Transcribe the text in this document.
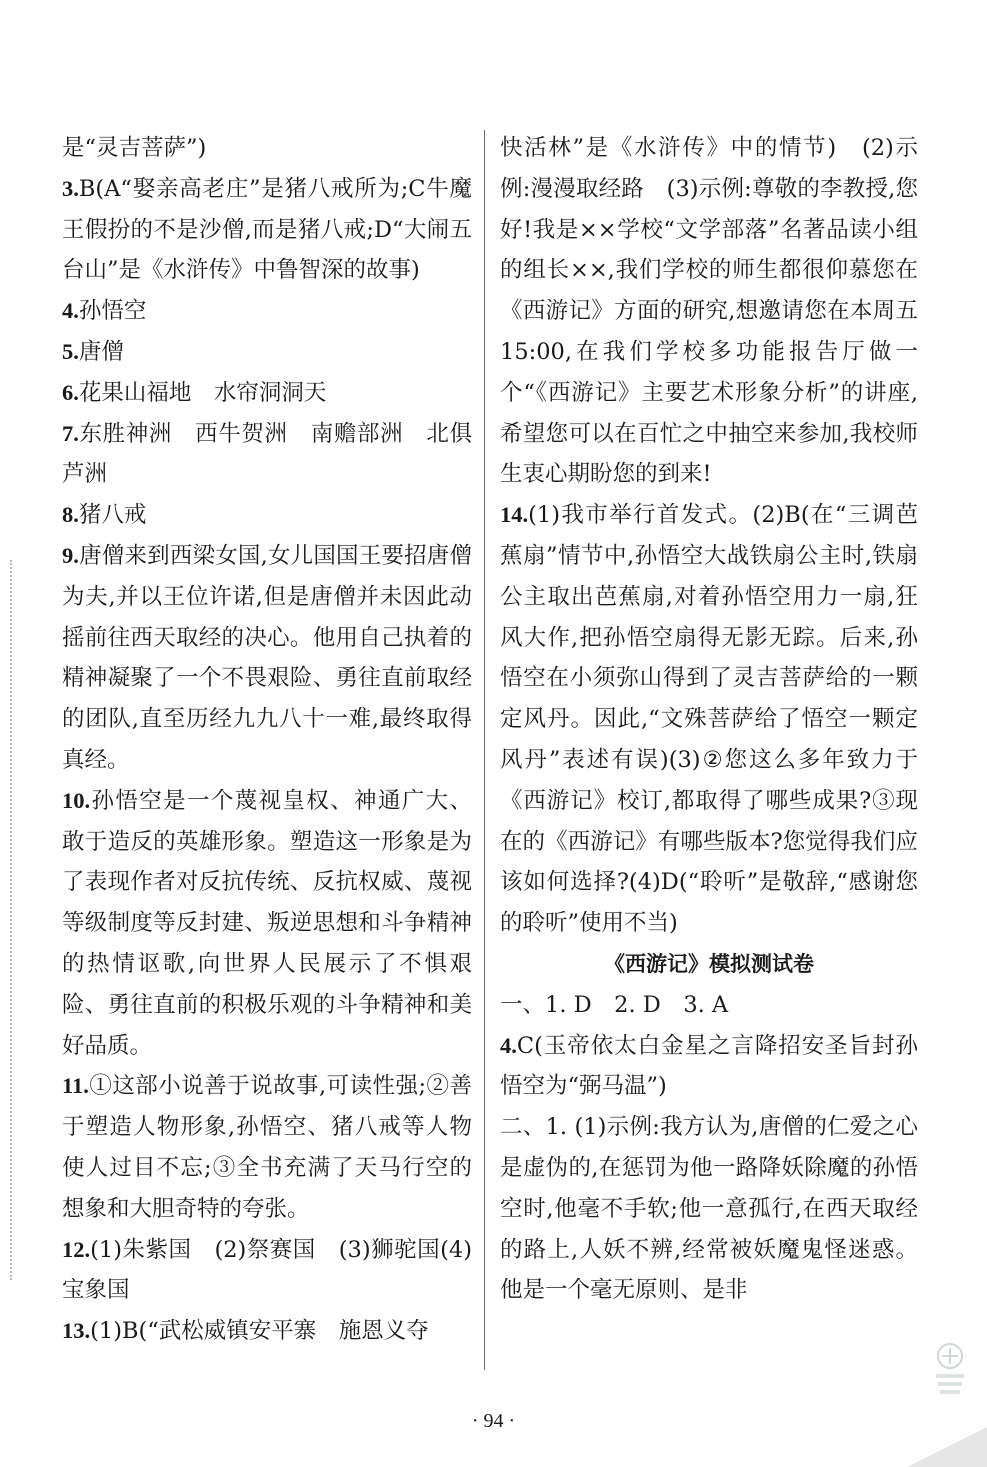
是“灵吉菩萨”)

3.B(A“娶亲高老庄”是猪八戒所为;C牛魔王假扮的不是沙僧,而是猪八戒;D“大闹五台山”是《水浒传》中鲁智深的故事)

4.孙悟空

5.唐僧

6.花果山福地　水帘洞洞天

7.东胜神洲　西牛贺洲　南赡部洲　北俱芦洲

8.猪八戒

9.唐僧来到西梁女国,女儿国国王要招唐僧为夫,并以王位许诺,但是唐僧并未因此动摇前往西天取经的决心。他用自己执着的精神凝聚了一个不畏艰险、勇往直前取经的团队,直至历经九九八十一难,最终取得真经。

10.孙悟空是一个蔑视皇权、神通广大、敢于造反的英雄形象。塑造这一形象是为了表现作者对反抗传统、反抗权威、蔑视等级制度等反封建、叛逆思想和斗争精神的热情讴歌,向世界人民展示了不惧艰险、勇往直前的积极乐观的斗争精神和美好品质。

11.①这部小说善于说故事,可读性强;②善于塑造人物形象,孙悟空、猪八戒等人物使人过目不忘;③全书充满了天马行空的想象和大胆奇特的夸张。

12.(1)朱紫国　(2)祭赛国　(3)狮驼国(4)宝象国

13.(1)B(“武松威镇安平寨　施恩义夺

快活林”是《水浒传》中的情节)　(2)示例:漫漫取经路　(3)示例:尊敬的李教授,您好!我是××学校“文学部落”名著品读小组的组长××,我们学校的师生都很仰慕您在《西游记》方面的研究,想邀请您在本周五15:00,在我们学校多功能报告厅做一个“《西游记》主要艺术形象分析”的讲座,希望您可以在百忙之中抽空来参加,我校师生衷心期盼您的到来!

14.(1)我市举行首发式。(2)B(在“三调芭蕉扇”情节中,孙悟空大战铁扇公主时,铁扇公主取出芭蕉扇,对着孙悟空用力一扇,狂风大作,把孙悟空扇得无影无踪。后来,孙悟空在小须弥山得到了灵吉菩萨给的一颗定风丹。因此,“文殊菩萨给了悟空一颗定风丹”表述有误)(3)②您这么多年致力于《西游记》校订,都取得了哪些成果?③现在的《西游记》有哪些版本?您觉得我们应该如何选择?(4)D(“聆听”是敬辞,“感谢您的聆听”使用不当)

《西游记》模拟测试卷

一、1. D　2. D　3. A

4.C(玉帝依太白金星之言降招安圣旨封孙悟空为“弼马温”)

二、1. (1)示例:我方认为,唐僧的仁爱之心是虚伪的,在惩罚为他一路降妖除魔的孙悟空时,他毫不手软;他一意孤行,在西天取经的路上,人妖不辨,经常被妖魔鬼怪迷惑。他是一个毫无原则、是非

· 94 ·
